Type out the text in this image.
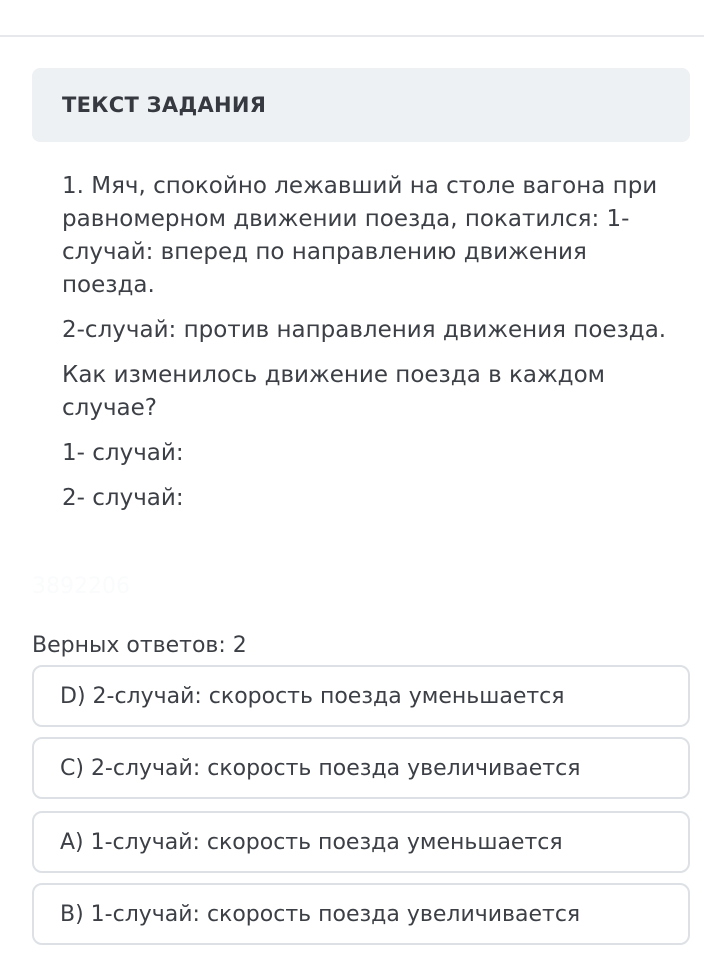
ТЕКСТ ЗАДАНИЯ

1. Мяч, спокойно лежавший на столе вагона при равномерном движении поезда, покатился: 1-случай: вперед по направлению движения поезда.

2-случай: против направления движения поезда.

Как изменилось движение поезда в каждом случае?

1- случай:

2- случай:

3892206
Верных ответов: 2
D) 2-случай: скорость поезда уменьшается
C) 2-случай: скорость поезда увеличивается
A) 1-случай: скорость поезда уменьшается
B) 1-случай: скорость поезда увеличивается
